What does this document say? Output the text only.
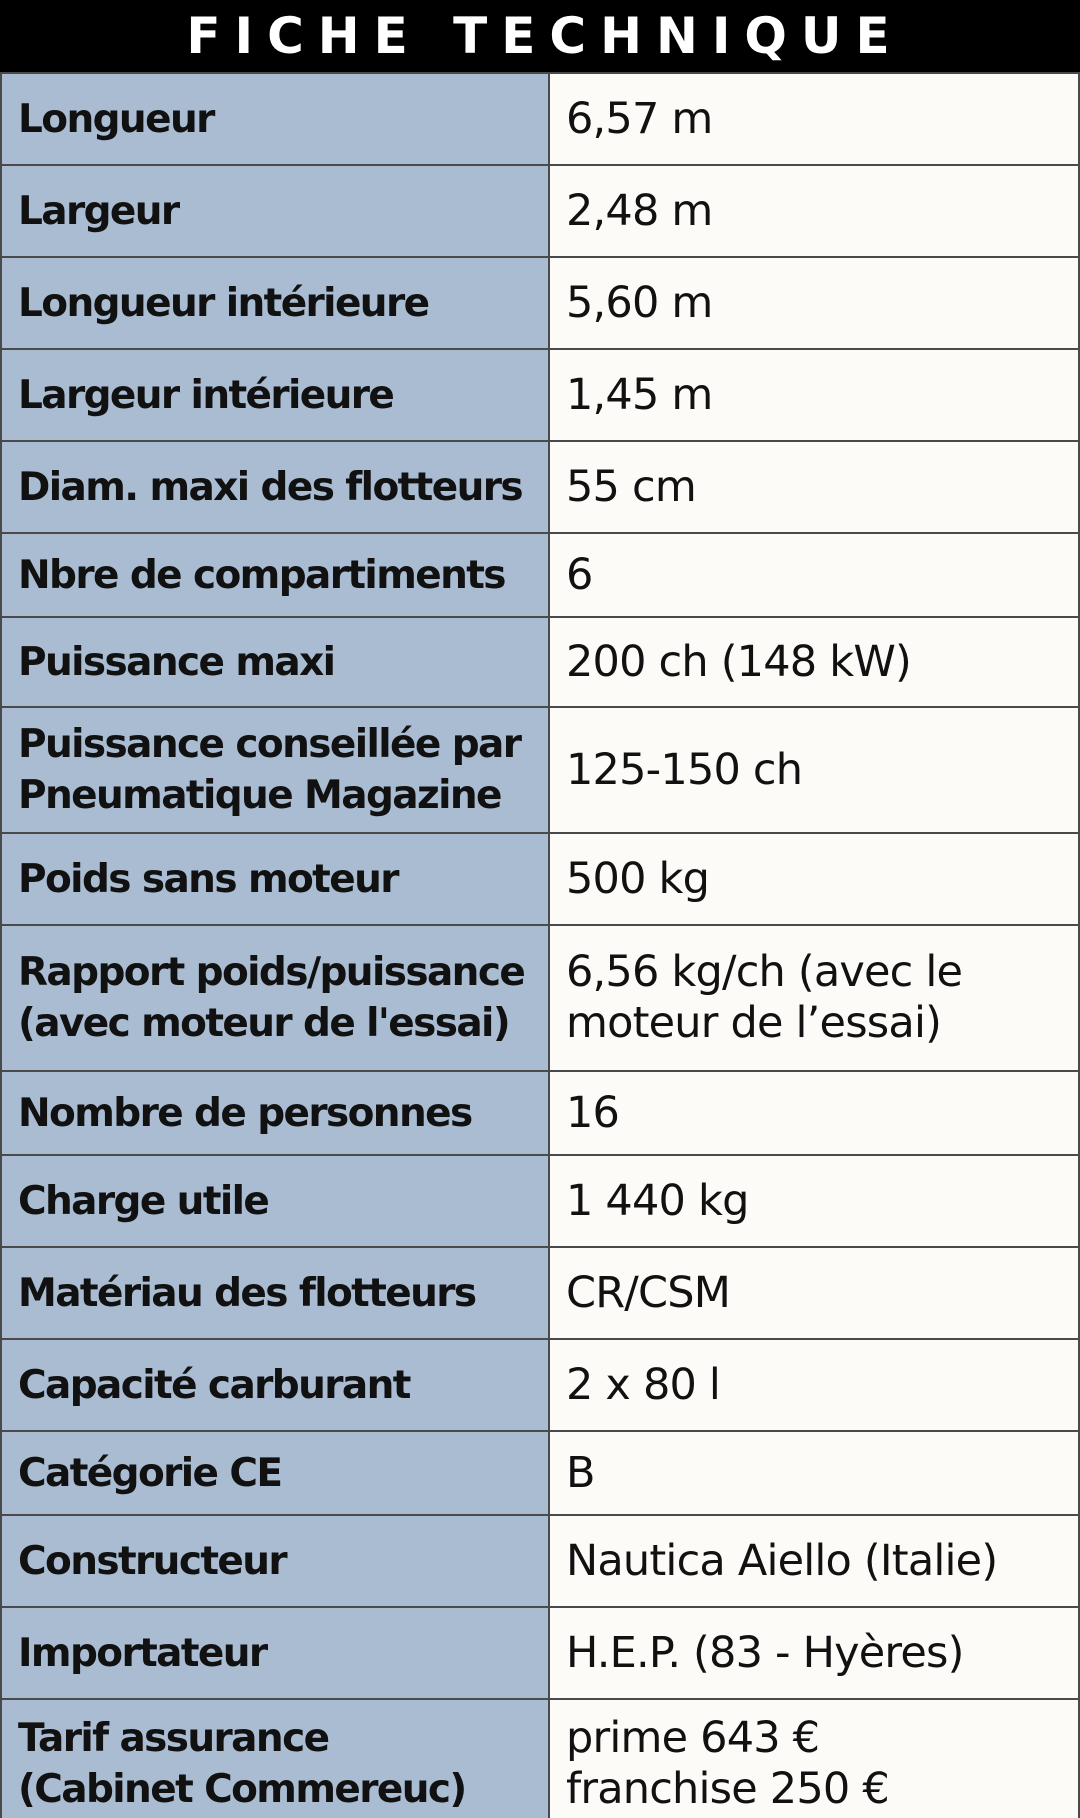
FICHE TECHNIQUE
Longueur	6,57 m

Largeur	2,48 m

Longueur intérieure	5,60 m

Largeur intérieure	1,45 m

Diam. maxi des flotteurs	55 cm

Nbre de compartiments	6

Puissance maxi	200 ch (148 kW)

Puissance conseillée par
Pneumatique Magazine	125-150 ch

Poids sans moteur	500 kg

Rapport poids/puissance
(avec moteur de l'essai)	6,56 kg/ch (avec le
moteur de l’essai)

Nombre de personnes	16

Charge utile	1 440 kg

Matériau des flotteurs	CR/CSM

Capacité carburant	2 x 80 l

Catégorie CE	B

Constructeur	Nautica Aiello (Italie)

Importateur	H.E.P. (83 - Hyères)

Tarif assurance
(Cabinet Commereuc)	prime 643 €
franchise 250 €
